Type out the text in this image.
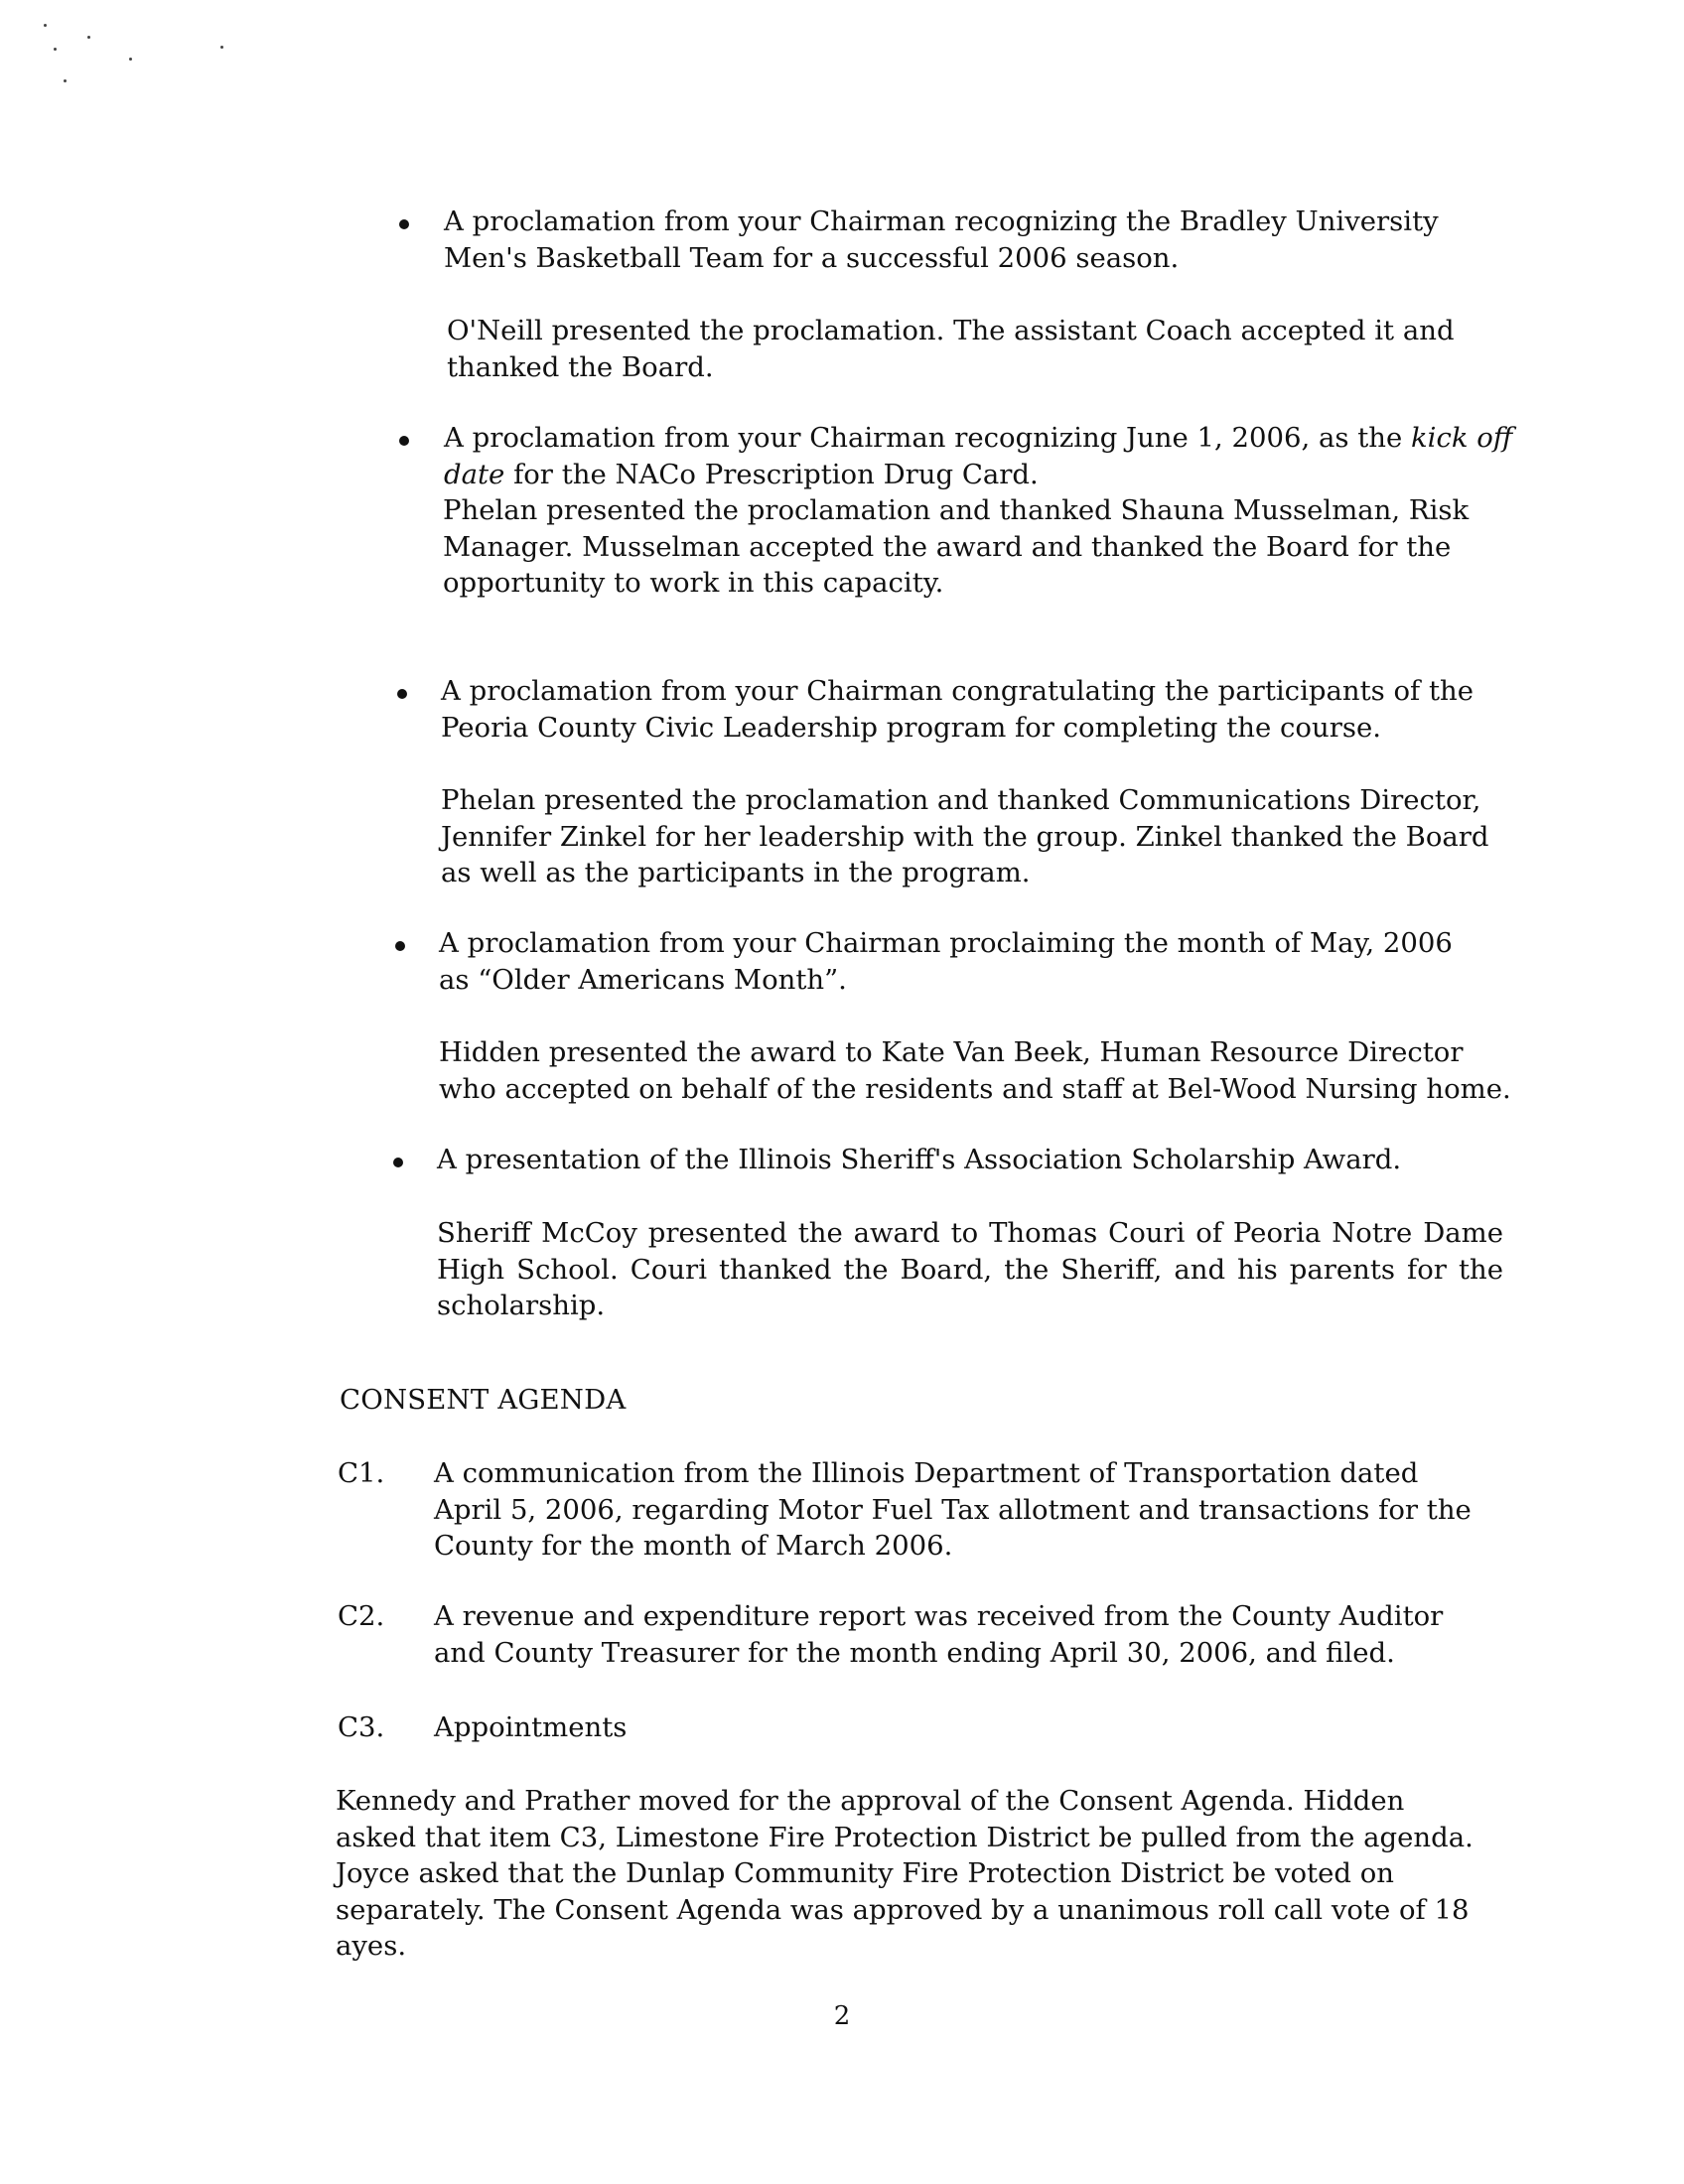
A proclamation from your Chairman recognizing the Bradley University Men's Basketball Team for a successful 2006 season.

O'Neill presented the proclamation. The assistant Coach accepted it and thanked the Board.

A proclamation from your Chairman recognizing June 1, 2006, as the kick off date for the NACo Prescription Drug Card.

Phelan presented the proclamation and thanked Shauna Musselman, Risk Manager. Musselman accepted the award and thanked the Board for the opportunity to work in this capacity.

A proclamation from your Chairman congratulating the participants of the Peoria County Civic Leadership program for completing the course.

Phelan presented the proclamation and thanked Communications Director, Jennifer Zinkel for her leadership with the group. Zinkel thanked the Board as well as the participants in the program.

A proclamation from your Chairman proclaiming the month of May, 2006 as “Older Americans Month”.

Hidden presented the award to Kate Van Beek, Human Resource Director who accepted on behalf of the residents and staff at Bel-Wood Nursing home.

A presentation of the Illinois Sheriff's Association Scholarship Award.

Sheriff McCoy presented the award to Thomas Couri of Peoria Notre Dame High School. Couri thanked the Board, the Sheriff, and his parents for the scholarship.

CONSENT AGENDA

C1. A communication from the Illinois Department of Transportation dated April 5, 2006, regarding Motor Fuel Tax allotment and transactions for the County for the month of March 2006.

C2. A revenue and expenditure report was received from the County Auditor and County Treasurer for the month ending April 30, 2006, and filed.

C3. Appointments

Kennedy and Prather moved for the approval of the Consent Agenda. Hidden asked that item C3, Limestone Fire Protection District be pulled from the agenda. Joyce asked that the Dunlap Community Fire Protection District be voted on separately. The Consent Agenda was approved by a unanimous roll call vote of 18 ayes.

2
